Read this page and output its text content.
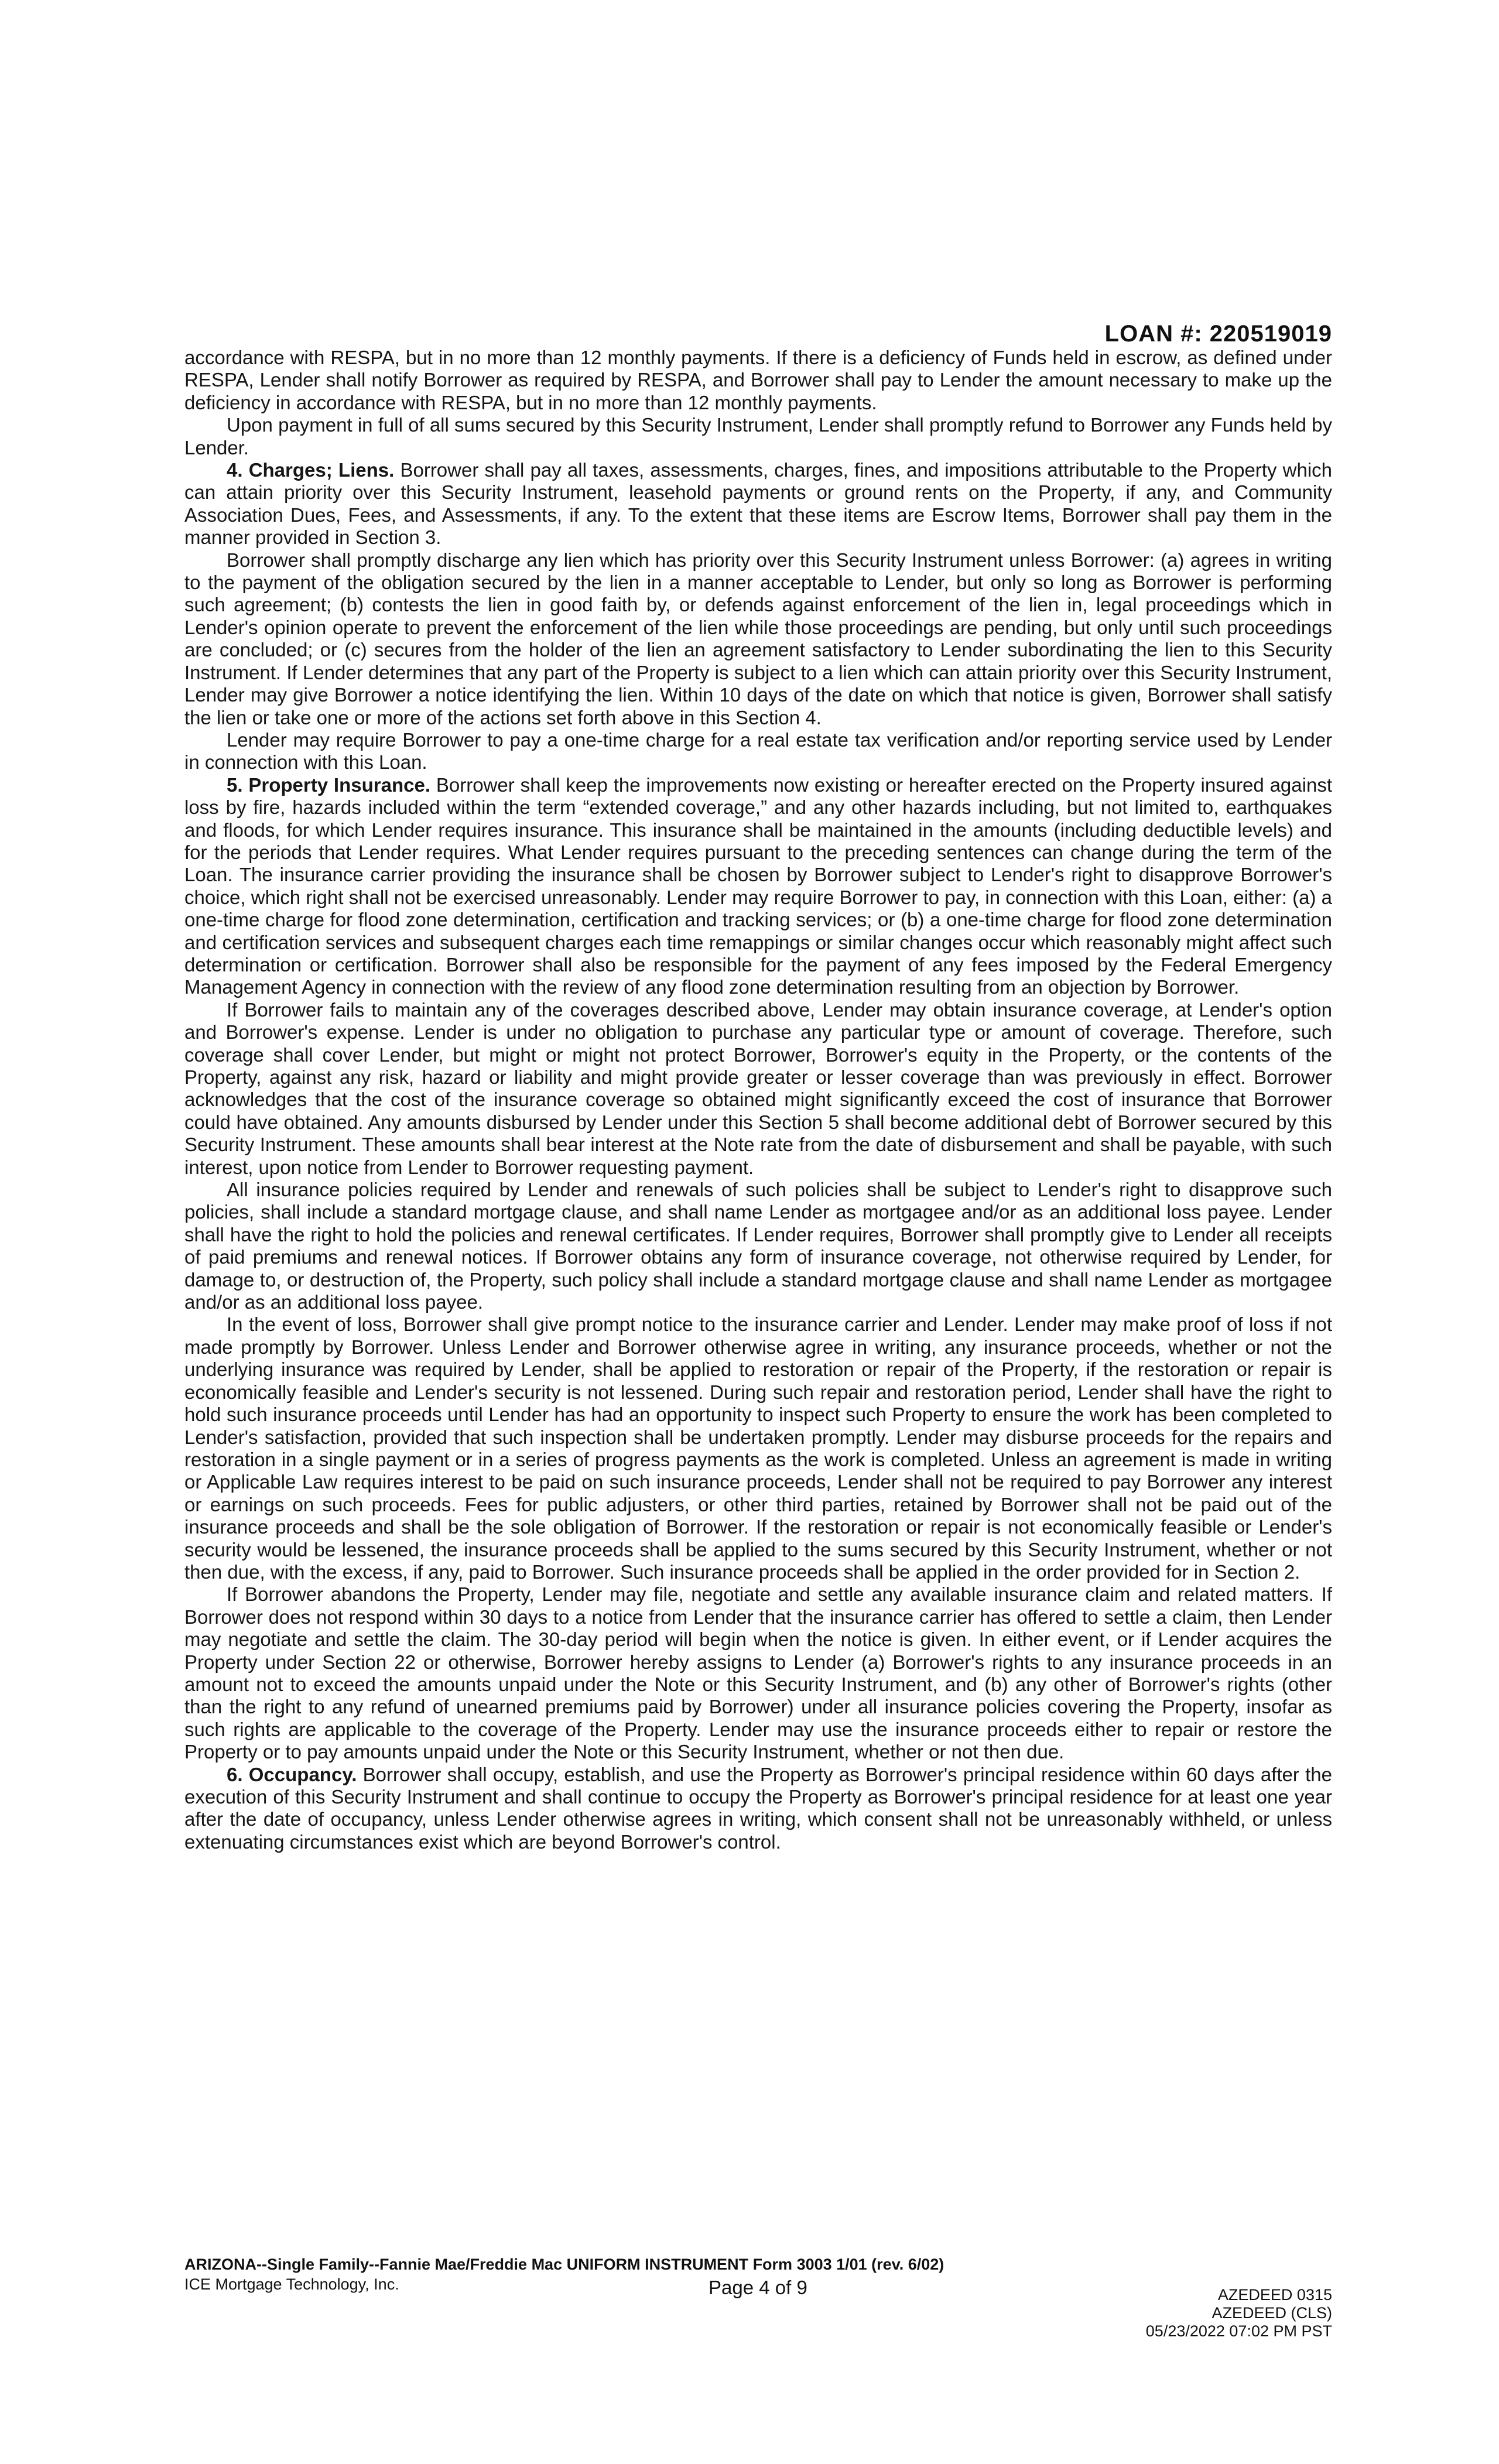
LOAN #: 220519019

accordance with RESPA, but in no more than 12 monthly payments. If there is a deficiency of Funds held in escrow, as defined under RESPA, Lender shall notify Borrower as required by RESPA, and Borrower shall pay to Lender the amount necessary to make up the deficiency in accordance with RESPA, but in no more than 12 monthly payments.

Upon payment in full of all sums secured by this Security Instrument, Lender shall promptly refund to Borrower any Funds held by Lender.

4. Charges; Liens. Borrower shall pay all taxes, assessments, charges, fines, and impositions attributable to the Property which can attain priority over this Security Instrument, leasehold payments or ground rents on the Property, if any, and Community Association Dues, Fees, and Assessments, if any. To the extent that these items are Escrow Items, Borrower shall pay them in the manner provided in Section 3.

Borrower shall promptly discharge any lien which has priority over this Security Instrument unless Borrower: (a) agrees in writing to the payment of the obligation secured by the lien in a manner acceptable to Lender, but only so long as Borrower is performing such agreement; (b) contests the lien in good faith by, or defends against enforcement of the lien in, legal proceedings which in Lender's opinion operate to prevent the enforcement of the lien while those proceedings are pending, but only until such proceedings are concluded; or (c) secures from the holder of the lien an agreement satisfactory to Lender subordinating the lien to this Security Instrument. If Lender determines that any part of the Property is subject to a lien which can attain priority over this Security Instrument, Lender may give Borrower a notice identifying the lien. Within 10 days of the date on which that notice is given, Borrower shall satisfy the lien or take one or more of the actions set forth above in this Section 4.

Lender may require Borrower to pay a one-time charge for a real estate tax verification and/or reporting service used by Lender in connection with this Loan.

5. Property Insurance. Borrower shall keep the improvements now existing or hereafter erected on the Property insured against loss by fire, hazards included within the term “extended coverage,” and any other hazards including, but not limited to, earthquakes and floods, for which Lender requires insurance. This insurance shall be maintained in the amounts (including deductible levels) and for the periods that Lender requires. What Lender requires pursuant to the preceding sentences can change during the term of the Loan. The insurance carrier providing the insurance shall be chosen by Borrower subject to Lender's right to disapprove Borrower's choice, which right shall not be exercised unreasonably. Lender may require Borrower to pay, in connection with this Loan, either: (a) a one-time charge for flood zone determination, certification and tracking services; or (b) a one-time charge for flood zone determination and certification services and subsequent charges each time remappings or similar changes occur which reasonably might affect such determination or certification. Borrower shall also be responsible for the payment of any fees imposed by the Federal Emergency Management Agency in connection with the review of any flood zone determination resulting from an objection by Borrower.

If Borrower fails to maintain any of the coverages described above, Lender may obtain insurance coverage, at Lender's option and Borrower's expense. Lender is under no obligation to purchase any particular type or amount of coverage. Therefore, such coverage shall cover Lender, but might or might not protect Borrower, Borrower's equity in the Property, or the contents of the Property, against any risk, hazard or liability and might provide greater or lesser coverage than was previously in effect. Borrower acknowledges that the cost of the insurance coverage so obtained might significantly exceed the cost of insurance that Borrower could have obtained. Any amounts disbursed by Lender under this Section 5 shall become additional debt of Borrower secured by this Security Instrument. These amounts shall bear interest at the Note rate from the date of disbursement and shall be payable, with such interest, upon notice from Lender to Borrower requesting payment.

All insurance policies required by Lender and renewals of such policies shall be subject to Lender's right to disapprove such policies, shall include a standard mortgage clause, and shall name Lender as mortgagee and/or as an additional loss payee. Lender shall have the right to hold the policies and renewal certificates. If Lender requires, Borrower shall promptly give to Lender all receipts of paid premiums and renewal notices. If Borrower obtains any form of insurance coverage, not otherwise required by Lender, for damage to, or destruction of, the Property, such policy shall include a standard mortgage clause and shall name Lender as mortgagee and/or as an additional loss payee.

In the event of loss, Borrower shall give prompt notice to the insurance carrier and Lender. Lender may make proof of loss if not made promptly by Borrower. Unless Lender and Borrower otherwise agree in writing, any insurance proceeds, whether or not the underlying insurance was required by Lender, shall be applied to restoration or repair of the Property, if the restoration or repair is economically feasible and Lender's security is not lessened. During such repair and restoration period, Lender shall have the right to hold such insurance proceeds until Lender has had an opportunity to inspect such Property to ensure the work has been completed to Lender's satisfaction, provided that such inspection shall be undertaken promptly. Lender may disburse proceeds for the repairs and restoration in a single payment or in a series of progress payments as the work is completed. Unless an agreement is made in writing or Applicable Law requires interest to be paid on such insurance proceeds, Lender shall not be required to pay Borrower any interest or earnings on such proceeds. Fees for public adjusters, or other third parties, retained by Borrower shall not be paid out of the insurance proceeds and shall be the sole obligation of Borrower. If the restoration or repair is not economically feasible or Lender's security would be lessened, the insurance proceeds shall be applied to the sums secured by this Security Instrument, whether or not then due, with the excess, if any, paid to Borrower. Such insurance proceeds shall be applied in the order provided for in Section 2.

If Borrower abandons the Property, Lender may file, negotiate and settle any available insurance claim and related matters. If Borrower does not respond within 30 days to a notice from Lender that the insurance carrier has offered to settle a claim, then Lender may negotiate and settle the claim. The 30-day period will begin when the notice is given. In either event, or if Lender acquires the Property under Section 22 or otherwise, Borrower hereby assigns to Lender (a) Borrower's rights to any insurance proceeds in an amount not to exceed the amounts unpaid under the Note or this Security Instrument, and (b) any other of Borrower's rights (other than the right to any refund of unearned premiums paid by Borrower) under all insurance policies covering the Property, insofar as such rights are applicable to the coverage of the Property. Lender may use the insurance proceeds either to repair or restore the Property or to pay amounts unpaid under the Note or this Security Instrument, whether or not then due.

6. Occupancy. Borrower shall occupy, establish, and use the Property as Borrower's principal residence within 60 days after the execution of this Security Instrument and shall continue to occupy the Property as Borrower's principal residence for at least one year after the date of occupancy, unless Lender otherwise agrees in writing, which consent shall not be unreasonably withheld, or unless extenuating circumstances exist which are beyond Borrower's control.

ARIZONA--Single Family--Fannie Mae/Freddie Mac UNIFORM INSTRUMENT Form 3003 1/01 (rev. 6/02)
ICE Mortgage Technology, Inc.	Page 4 of 9	AZEDEED 0315
AZEDEED (CLS)
05/23/2022 07:02 PM PST
